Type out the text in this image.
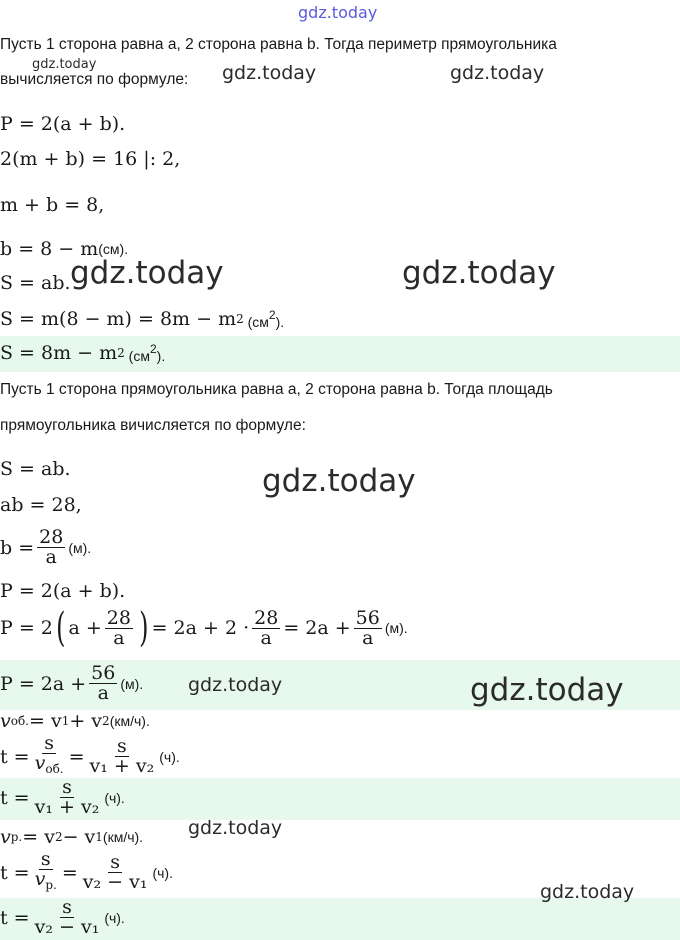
gdz.today
gdz.today	gdz.today	gdz.today
gdz.today	gdz.today
gdz.today
gdz.today	gdz.today
gdz.today
gdz.today
Пусть 1 сторона равна a, 2 сторона равна b. Тогда периметр прямоугольника
вычисляется по формуле:
P = 2(a + b).
2(m + b) = 16 |: 2,
m + b = 8,
b = 8 − m (см).
S = ab.
S = m(8 − m) = 8m − m 2 (см2).
S = 8m − m 2 (см2).
Пусть 1 сторона прямоугольника равна a, 2 сторона равна b. Тогда площадь
прямоугольника вичисляется по формуле:
S = ab.
ab = 28,
$b = \frac{28}{a} (м)$.
P = 2(a + b).
P = 2 ( $a + \frac{28}{a}$ ) = $2a + 2 \cdot \frac{28}{a} = 2a + \frac{56}{a} (м)$.
$P = 2a + \frac{56}{a} (м)$.
v об. = v 1 + v 2 (км/ч).
$t = \frac{s}{v_{об.}} = \frac{s}{\text{v₁ + v₂}} (ч)$.
$t = \frac{s}{\text{v₁ + v₂}} (ч)$.
v р. = v 2 − v 1 (км/ч).
$t = \frac{s}{v_{р.}} = \frac{s}{\text{v₂ − v₁}} (ч)$.
$t = \frac{s}{\text{v₂ − v₁}} (ч)$.
